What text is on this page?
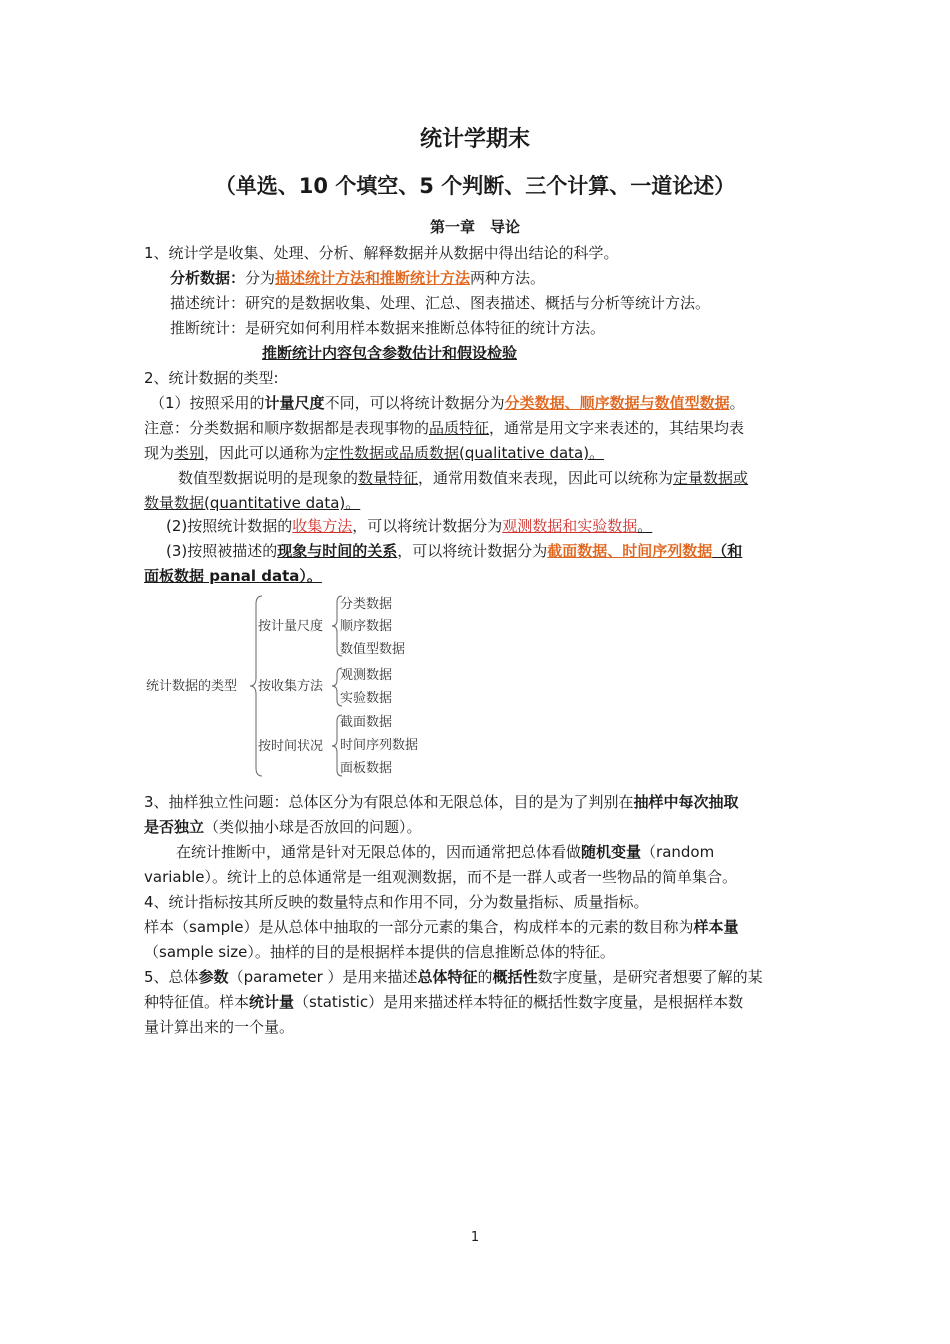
统计学期末
（单选、10 个填空、5 个判断、三个计算、一道论述）
第一章　导论
1、统计学是收集、处理、分析、解释数据并从数据中得出结论的科学。
分析数据：分为描述统计方法和推断统计方法两种方法。
描述统计：研究的是数据收集、处理、汇总、图表描述、概括与分析等统计方法。
推断统计：是研究如何利用样本数据来推断总体特征的统计方法。
推断统计内容包含参数估计和假设检验
2、统计数据的类型:
（1）按照采用的计量尺度不同，可以将统计数据分为分类数据、顺序数据与数值型数据。
注意：分类数据和顺序数据都是表现事物的品质特征，通常是用文字来表述的，其结果均表
现为类别，因此可以通称为定性数据或品质数据(qualitative data)。
数值型数据说明的是现象的数量特征，通常用数值来表现，因此可以统称为定量数据或
数量数据(quantitative data)。
(2)按照统计数据的收集方法，可以将统计数据分为观测数据和实验数据。
(3)按照被描述的现象与时间的关系，可以将统计数据分为截面数据、时间序列数据（和
面板数据 panal data）。
统计数据的类型
按计量尺度
按收集方法
按时间状况
分类数据
顺序数据
数值型数据
观测数据
实验数据
截面数据
时间序列数据
面板数据
3、抽样独立性问题：总体区分为有限总体和无限总体，目的是为了判别在抽样中每次抽取
是否独立（类似抽小球是否放回的问题）。
在统计推断中，通常是针对无限总体的，因而通常把总体看做随机变量（random
variable）。统计上的总体通常是一组观测数据，而不是一群人或者一些物品的简单集合。
4、统计指标按其所反映的数量特点和作用不同，分为数量指标、质量指标。
样本（sample）是从总体中抽取的一部分元素的集合，构成样本的元素的数目称为样本量
（sample size）。抽样的目的是根据样本提供的信息推断总体的特征。
5、总体参数（parameter ）是用来描述总体特征的概括性数字度量，是研究者想要了解的某
种特征值。样本统计量（statistic）是用来描述样本特征的概括性数字度量，是根据样本数
量计算出来的一个量。
1
